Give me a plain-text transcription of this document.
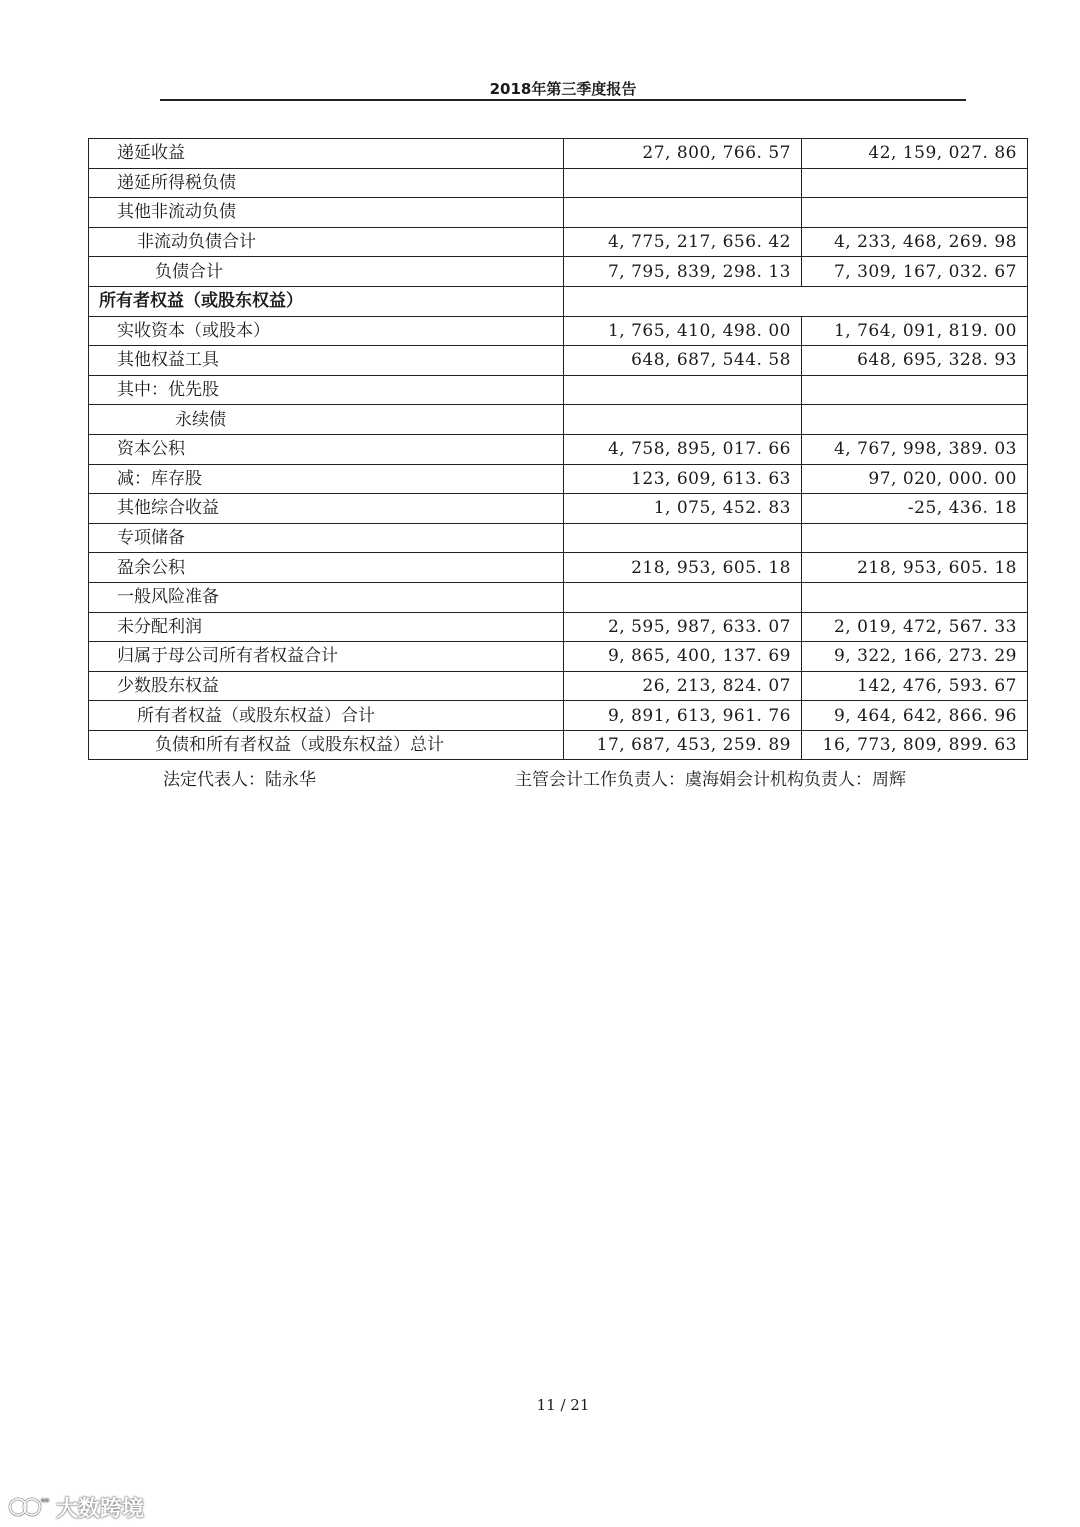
2018年第三季度报告
递延收益	27, 800, 766. 57	42, 159, 027. 86
递延所得税负债		
其他非流动负债		
非流动负债合计	4, 775, 217, 656. 42	4, 233, 468, 269. 98
负债合计	7, 795, 839, 298. 13	7, 309, 167, 032. 67
所有者权益（或股东权益）		
实收资本（或股本）	1, 765, 410, 498. 00	1, 764, 091, 819. 00
其他权益工具	648, 687, 544. 58	648, 695, 328. 93
其中：优先股		
永续债		
资本公积	4, 758, 895, 017. 66	4, 767, 998, 389. 03
减：库存股	123, 609, 613. 63	97, 020, 000. 00
其他综合收益	1, 075, 452. 83	-25, 436. 18
专项储备		
盈余公积	218, 953, 605. 18	218, 953, 605. 18
一般风险准备		
未分配利润	2, 595, 987, 633. 07	2, 019, 472, 567. 33
归属于母公司所有者权益合计	9, 865, 400, 137. 69	9, 322, 166, 273. 29
少数股东权益	26, 213, 824. 07	142, 476, 593. 67
所有者权益（或股东权益）合计	9, 891, 613, 961. 76	9, 464, 642, 866. 96
负债和所有者权益（或股东权益）总计	17, 687, 453, 259. 89	16, 773, 809, 899. 63
法定代表人：陆永华	主管会计工作负责人：虞海娟会计机构负责人：周辉
11 / 21
°° 大数跨境
